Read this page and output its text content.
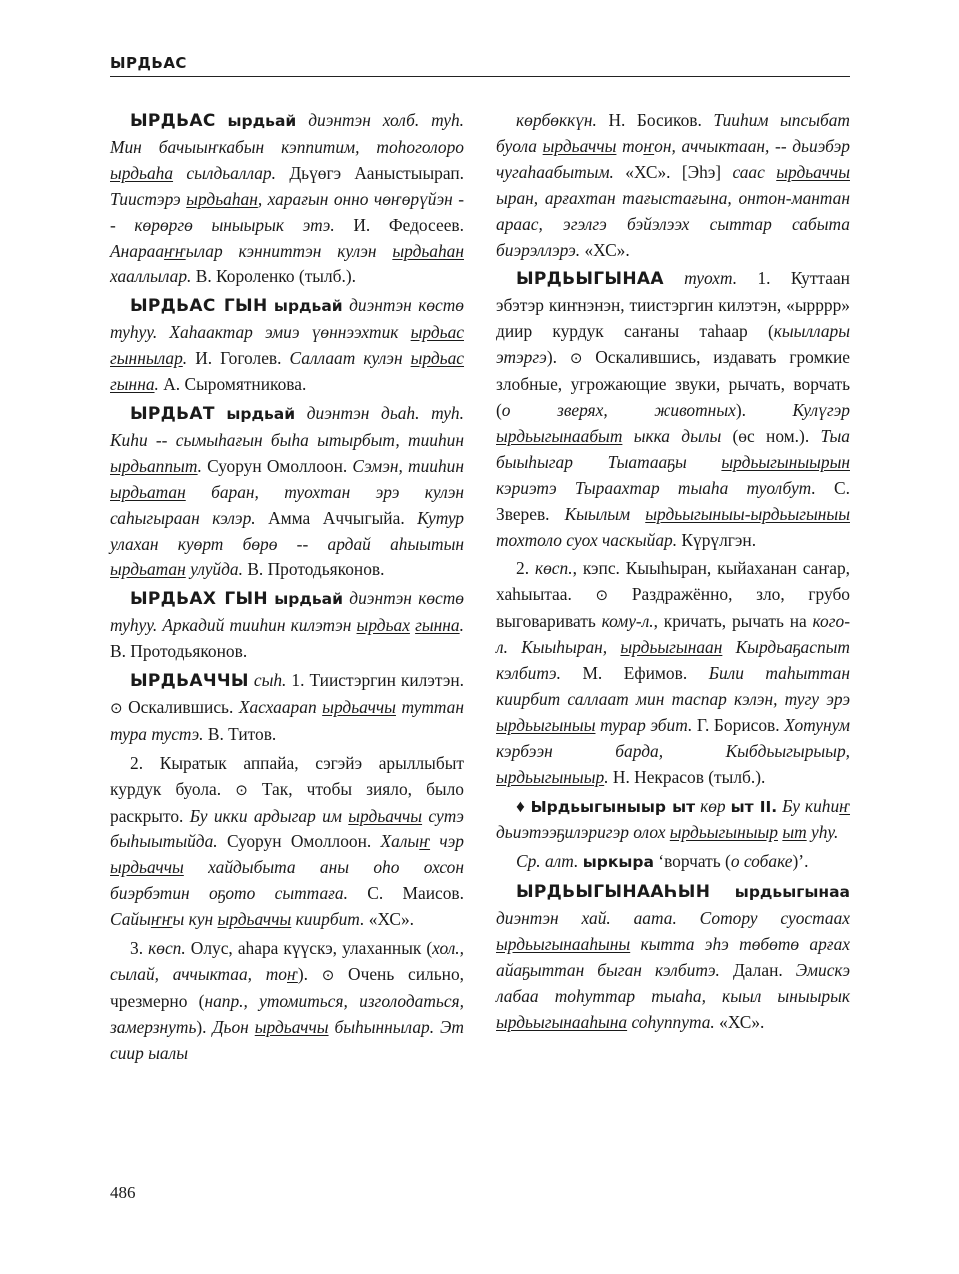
ЫРДЬАС

ЫРДЬАС ырдьай диэнтэн холб. туһ. Мин бачыыҥкабын кэппитим, тоһоголоро ырдьаһа сылдьаллар. Дьүөгэ Ааныстыырап. Тиистэрэ ырдьаһан, харағын онно чөҥөрүйэн -- көрөргө ыныырык этэ. И. Федосеев. Анарааҥҥылар кэнниттэн кулэн ырдьаһан хааллылар. В. Короленко (тылб.).

ЫРДЬАС ГЫН ырдьай диэнтэн көстө туһуу. Хаһаактар эмиэ үөннээхтик ырдьас гыннылар. И. Гоголев. Саллаат кулэн ырдьас гынна. А. Сыромятникова.

ЫРДЬАТ ырдьай диэнтэн дьаһ. туһ. Киһи -- сымыһағын быһа ытырбыт, тииһин ырдьаппыт. Суорун Омоллоон. Сэмэн, тииһин ырдьатан баран, туохтан эрэ кулэн саһыгыраан кэлэр. Амма Аччыгыйа. Кутур улахан куөрт бөрө -- ардай аһыытын ырдьатан улуйда. В. Протодьяконов.

ЫРДЬАХ ГЫН ырдьай диэнтэн көстө туһуу. Аркадий тииһин килэтэн ырдьах гынна. В. Протодьяконов.

ЫРДЬАЧЧЫ сыһ. 1. Тиистэргин килэтэн. ⊙ Оскалившись. Хасхаарап ырдьаччы туттан тура тустэ. В. Титов.

2. Кыратык аппайа, сэгэйэ арыллыбыт курдук буола. ⊙ Так, чтобы зияло, было раскрыто. Бу икки ардыгар им ырдьаччы сутэ быһыытыйда. Суорун Омоллоон. Халыҥ чэр ырдьаччы хайдыбыта аны оһо охсон биэрбэтин оҕото сыттаға. С. Маисов. Сайыҥҥы кун ырдьаччы киирбит. «ХС».

3. көсп. Олус, аһара күүскэ, улаханнык (хол., сылай, аччыктаа, тоҥ). ⊙ Очень сильно, чрезмерно (напр., утомиться, изголодаться, замерзнуть). Дьон ырдьаччы быһыннылар. Эт сиир ыалы

көрбөккүн. Н. Босиков. Тииһим ыпсыбат буола ырдьаччы тоҥон, аччыктаан, -- дьиэбэр чугаһаабытым. «ХС». [Эһэ] саас ырдьаччы ыран, арғахтан тағыстағына, онтон-мантан араас, эгэлгэ бэйэлээх сыттар сабыта биэрэллэрэ. «ХС».

ЫРДЬЫГЫНАА туохт. 1. Куттаан эбэтэр киҥнэнэн, тиистэргин килэтэн, «ырррр» диир курдук саҥаны таһаар (кыыллары этэргэ). ⊙ Оскалившись, издавать громкие злобные, угрожающие звуки, рычать, ворчать (о зверях, животных). Кулүгэр ырдьыгынаабыт ыкка дылы (өс ном.). Тыа быыһыгар Тыатааҕы ырдьыгыныырын кэриэтэ Тыраахтар тыаһа туолбут. С. Зверев. Кыылым ырдьыгыныы-ырдьыгыныы тохтоло суох часкыйар. Күрүлгэн.

2. көсп., кэпс. Кыыһыран, кыйаханан саҥар, хаһыытаа. ⊙ Раздражённо, зло, грубо выговаривать кому-л., кричать, рычать на кого-л. Кыыһыран, ырдьыгынаан Кырдьаҕаспыт кэлбитэ. М. Ефимов. Били таһыттан киирбит саллаат мин таспар кэлэн, тугу эрэ ырдьыгыныы турар эбит. Г. Борисов. Хотунум кэрбээн барда, Кыбдьыгырыыр, ырдьыгыныыр. Н. Некрасов (тылб.).

♦ Ырдьыгыныыр ыт көр ыт II. Бу киһиҥ дьиэтээҕилэригэр олох ырдьыгыныыр ыт уһу.

Ср. алт. ыркыра ‘ворчать (о собаке)’.

ЫРДЬЫГЫНААҺЫН ырдьыгынаа диэнтэн хай. аата. Сотору суостаах ырдьыгынааһыны кытта эһэ төбөтө арғах айаҕыттан быган кэлбитэ. Далан. Эмискэ лабаа тоһуттар тыаһа, кыыл ыныырык ырдьыгынааһына соһуппута. «ХС».

486
